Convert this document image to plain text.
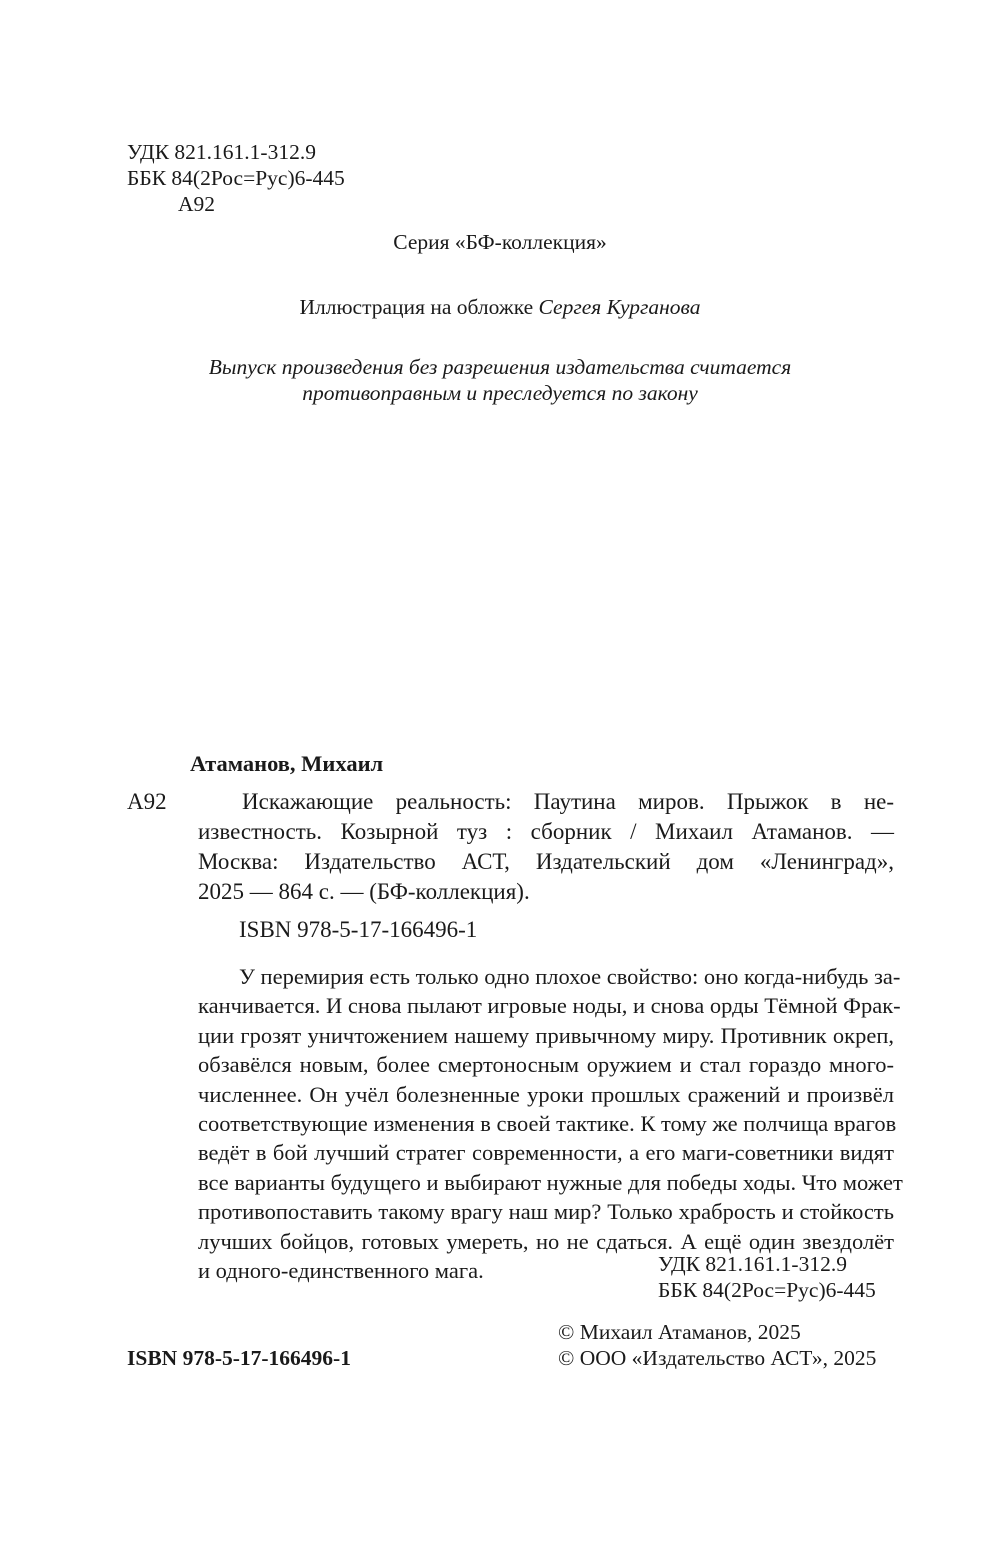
УДК 821.161.1-312.9
ББК 84(2Рос=Рус)6-445
А92
Серия «БФ-коллекция»
Иллюстрация на обложке Сергея Курганова
Выпуск произведения без разрешения издательства считается
противоправным и преследуется по закону
Атаманов, Михаил
А92	Искажающие реальность: Паутина миров. Прыжок в не-
известность. Козырной туз : сборник / Михаил Атаманов. —
Москва: Издательство АСТ, Издательский дом «Ленинград»,
2025 — 864 с. — (БФ-коллекция).
ISBN 978-5-17-166496-1
У перемирия есть только одно плохое свойство: оно когда-нибудь за-
канчивается. И снова пылают игровые ноды, и снова орды Тёмной Фрак-
ции грозят уничтожением нашему привычному миру. Противник окреп,
обзавёлся новым, более смертоносным оружием и стал гораздо много-
численнее. Он учёл болезненные уроки прошлых сражений и произвёл
соответствующие изменения в своей тактике. К тому же полчища врагов
ведёт в бой лучший стратег современности, а его маги-советники видят
все варианты будущего и выбирают нужные для победы ходы. Что может
противопоставить такому врагу наш мир? Только храбрость и стойкость
лучших бойцов, готовых умереть, но не сдаться. А ещё один звездолёт
и одного-единственного мага.	УДК 821.161.1-312.9
ББК 84(2Рос=Рус)6-445
© Михаил Атаманов, 2025
© ООО «Издательство АСТ», 2025
ISBN 978-5-17-166496-1
